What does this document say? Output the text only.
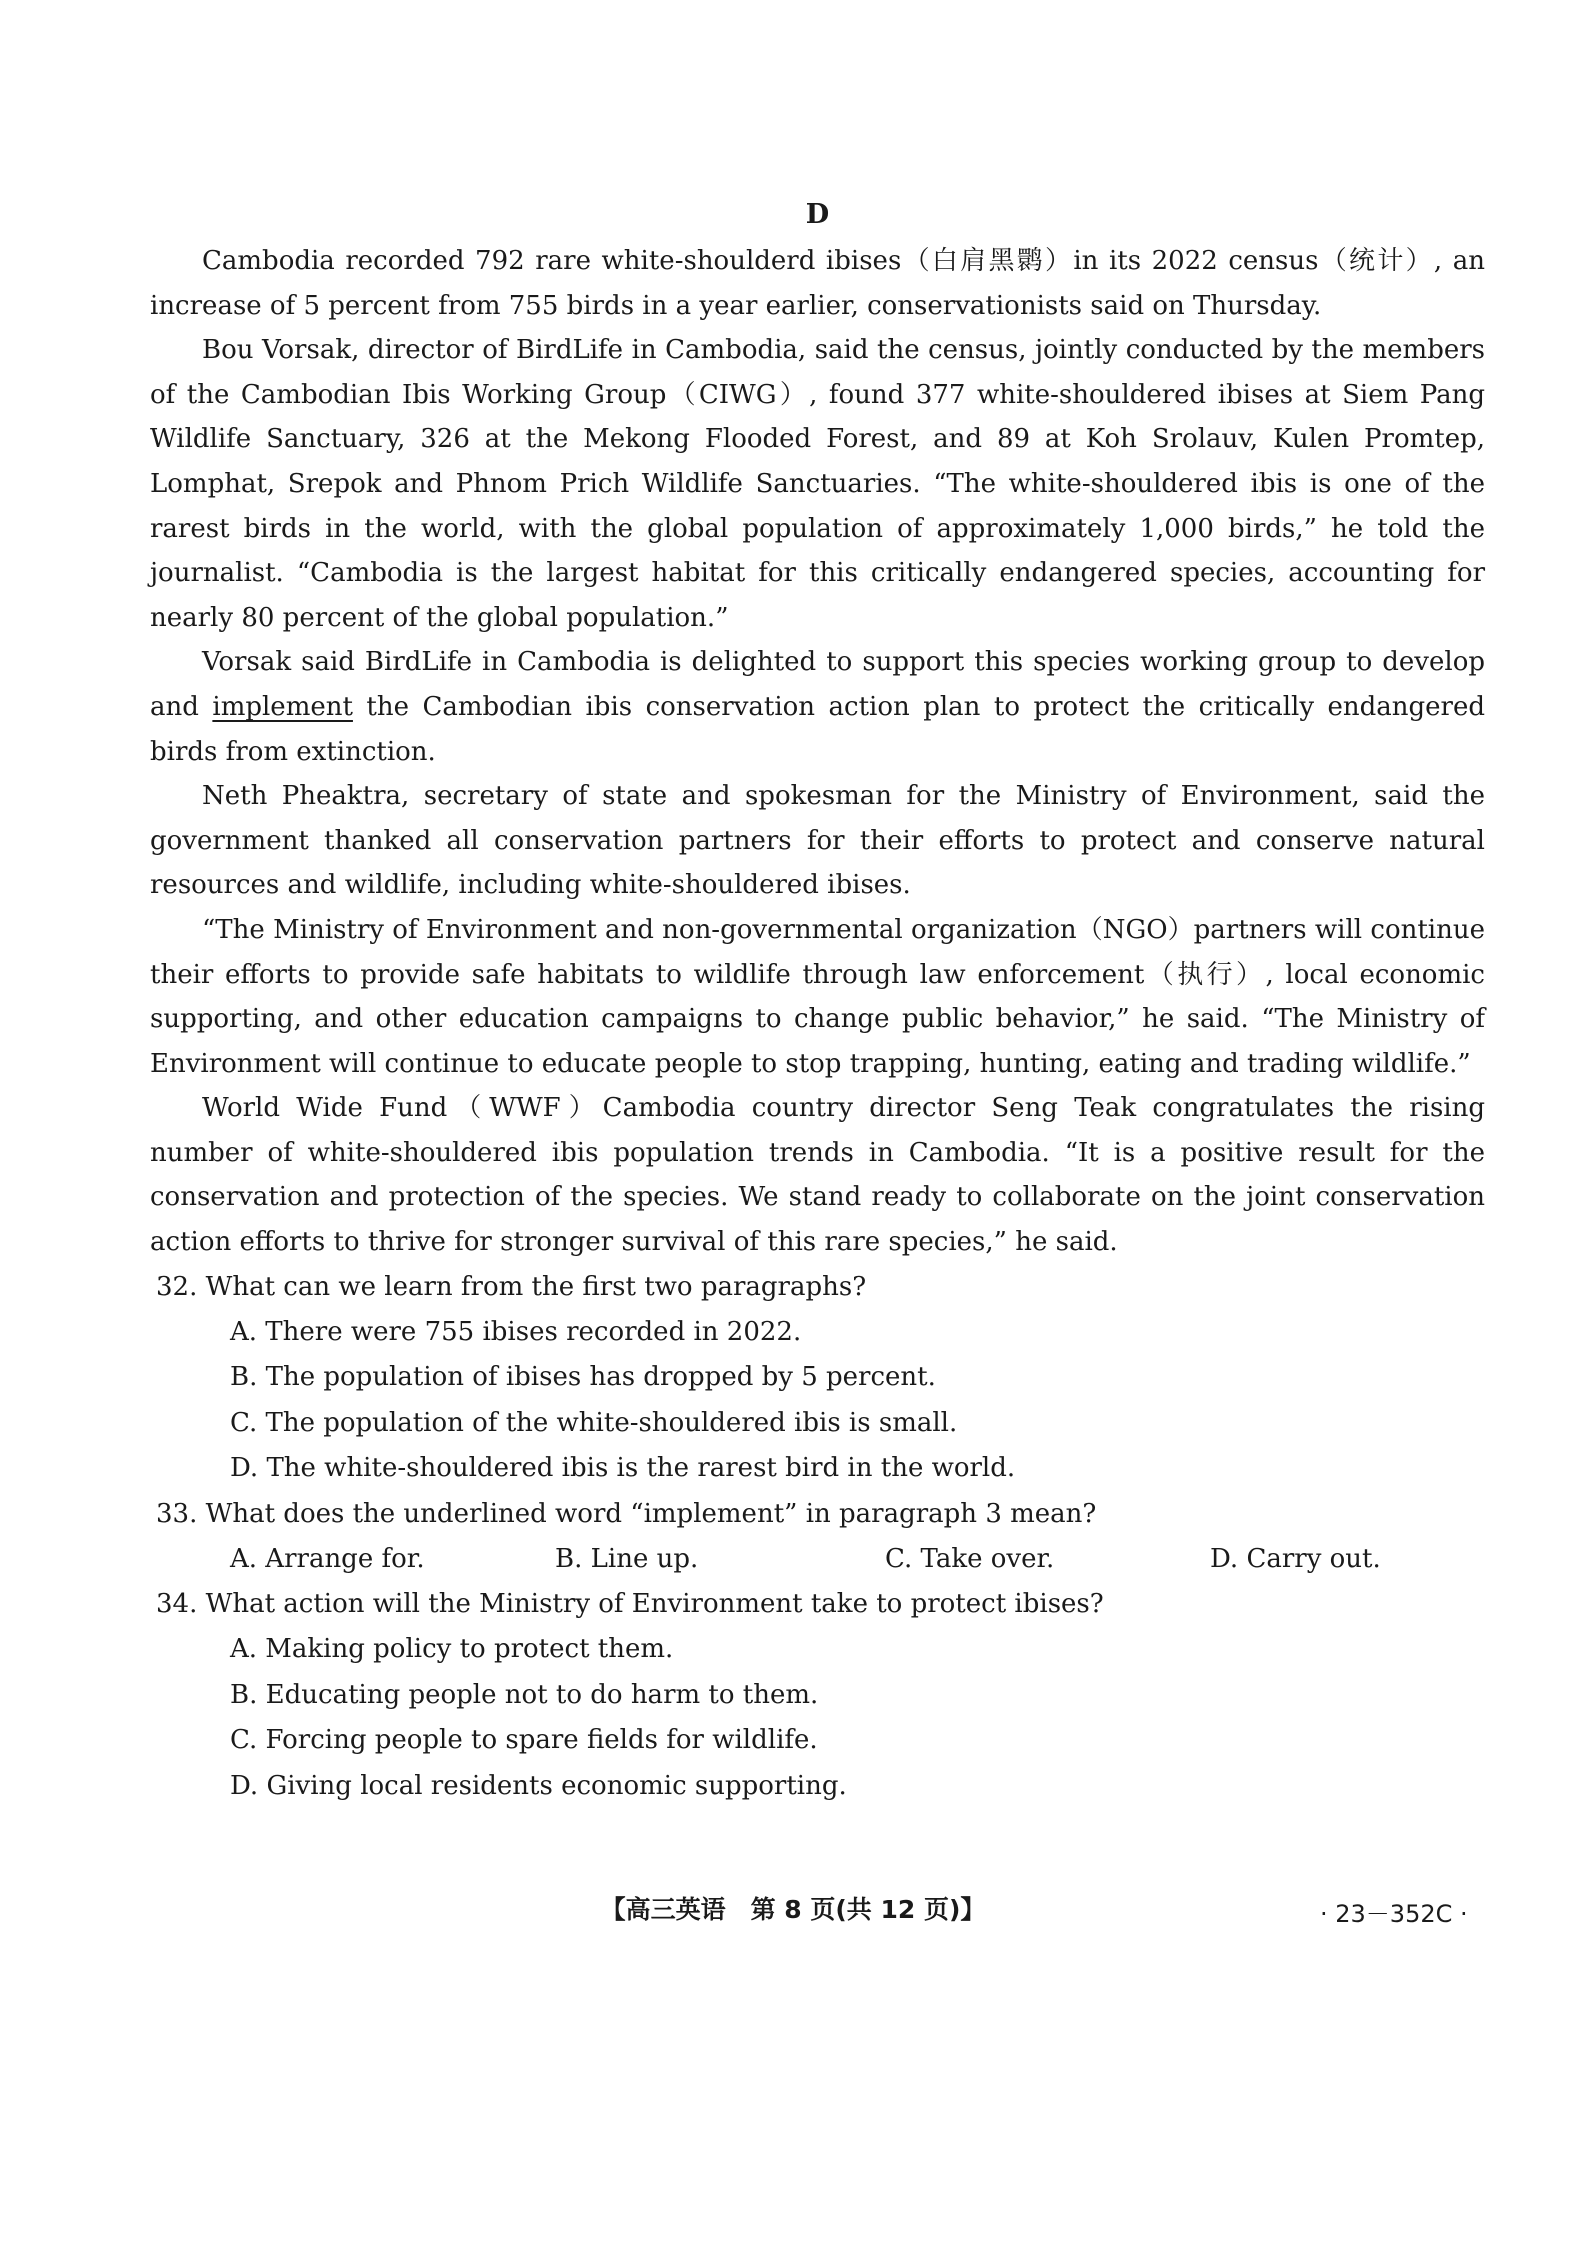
D

Cambodia recorded 792 rare white-shoulderd ibises（白肩黑鹮）in its 2022 census（统计）, an increase of 5 percent from 755 birds in a year earlier, conservationists said on Thursday.

Bou Vorsak, director of BirdLife in Cambodia, said the census, jointly conducted by the members of the Cambodian Ibis Working Group（CIWG）, found 377 white-shouldered ibises at Siem Pang Wildlife Sanctuary, 326 at the Mekong Flooded Forest, and 89 at Koh Srolauv, Kulen Promtep, Lomphat, Srepok and Phnom Prich Wildlife Sanctuaries. “The white-shouldered ibis is one of the rarest birds in the world, with the global population of approximately 1,000 birds,” he told the journalist. “Cambodia is the largest habitat for this critically endangered species, accounting for nearly 80 percent of the global population.”

Vorsak said BirdLife in Cambodia is delighted to support this species working group to develop and implement the Cambodian ibis conservation action plan to protect the critically endangered birds from extinction.

Neth Pheaktra, secretary of state and spokesman for the Ministry of Environment, said the government thanked all conservation partners for their efforts to protect and conserve natural resources and wildlife, including white-shouldered ibises.

“The Ministry of Environment and non-governmental organization（NGO）partners will continue their efforts to provide safe habitats to wildlife through law enforcement（执行）, local economic supporting, and other education campaigns to change public behavior,” he said. “The Ministry of Environment will continue to educate people to stop trapping, hunting, eating and trading wildlife.”

World Wide Fund（WWF）Cambodia country director Seng Teak congratulates the rising number of white-shouldered ibis population trends in Cambodia. “It is a positive result for the conservation and protection of the species. We stand ready to collaborate on the joint conservation action efforts to thrive for stronger survival of this rare species,” he said.

32. What can we learn from the first two paragraphs?

A. There were 755 ibises recorded in 2022.
B. The population of ibises has dropped by 5 percent.
C. The population of the white-shouldered ibis is small.
D. The white-shouldered ibis is the rarest bird in the world.

33. What does the underlined word “implement” in paragraph 3 mean?

A. Arrange for.	B. Line up.	C. Take over.	D. Carry out.

34. What action will the Ministry of Environment take to protect ibises?

A. Making policy to protect them.
B. Educating people not to do harm to them.
C. Forcing people to spare fields for wildlife.
D. Giving local residents economic supporting.
【高三英语　第 8 页(共 12 页)】	· 23－352C ·
